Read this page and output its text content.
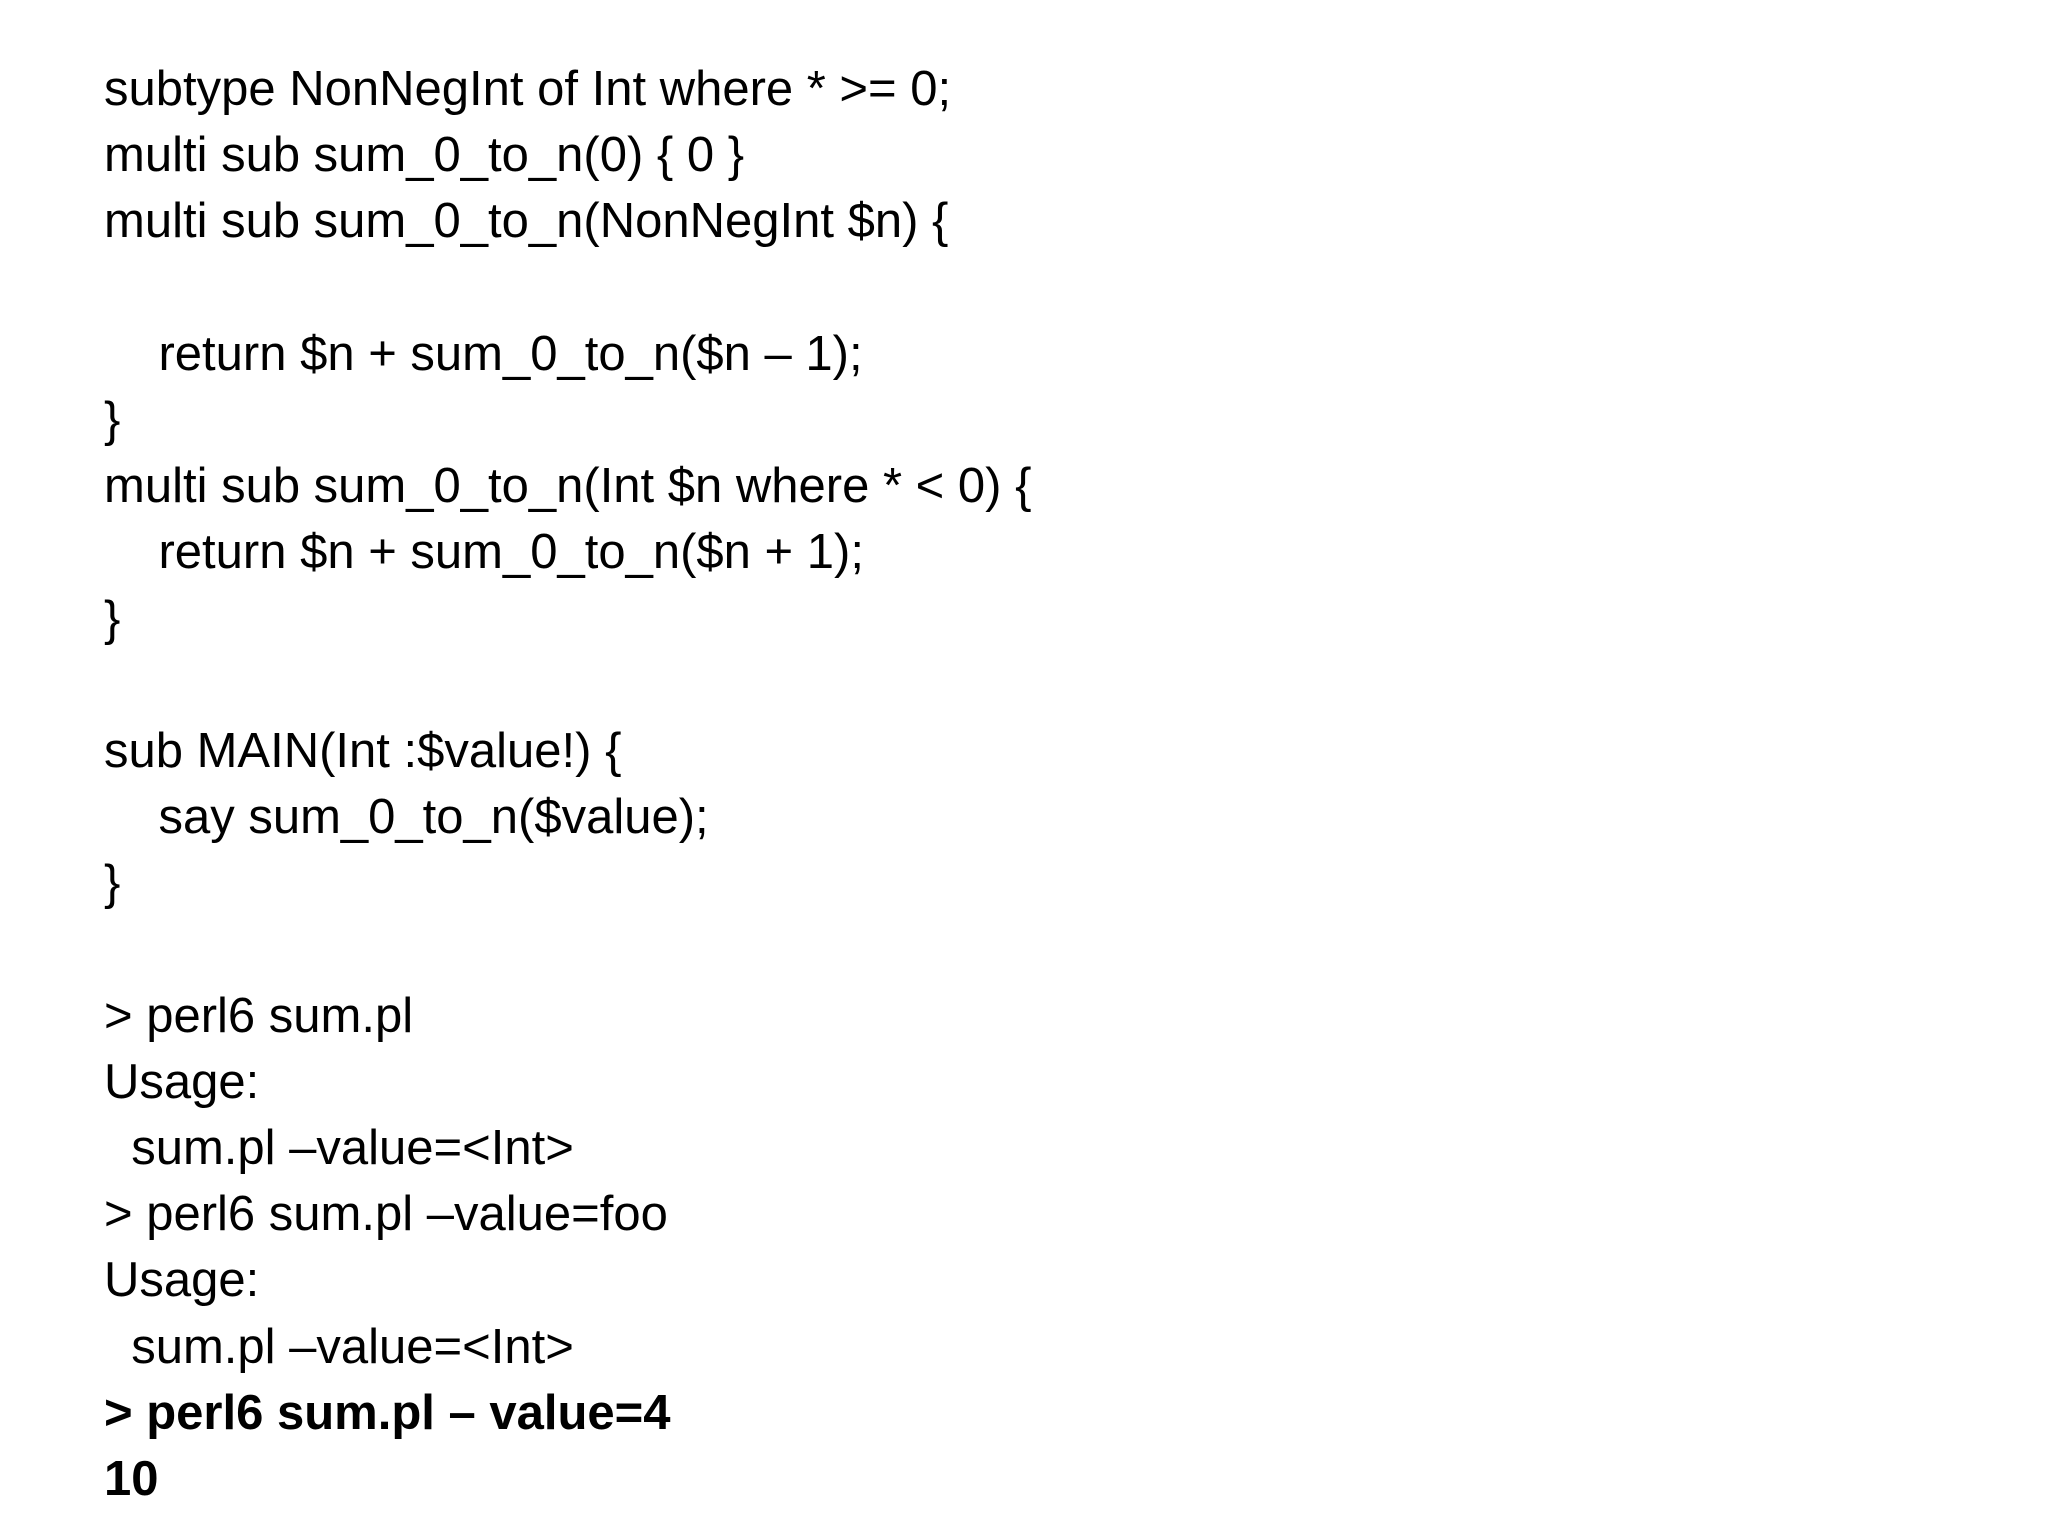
subtype NonNegInt of Int where * >= 0;
multi sub sum_0_to_n(0) { 0 }
multi sub sum_0_to_n(NonNegInt $n) {
return $n + sum_0_to_n($n – 1);
}
multi sub sum_0_to_n(Int $n where * < 0) {
return $n + sum_0_to_n($n + 1);
}
sub MAIN(Int :$value!) {
say sum_0_to_n($value);
}
> perl6 sum.pl
Usage:
sum.pl –value=<Int>
> perl6 sum.pl –value=foo
Usage:
sum.pl –value=<Int>
> perl6 sum.pl – value=4
10
